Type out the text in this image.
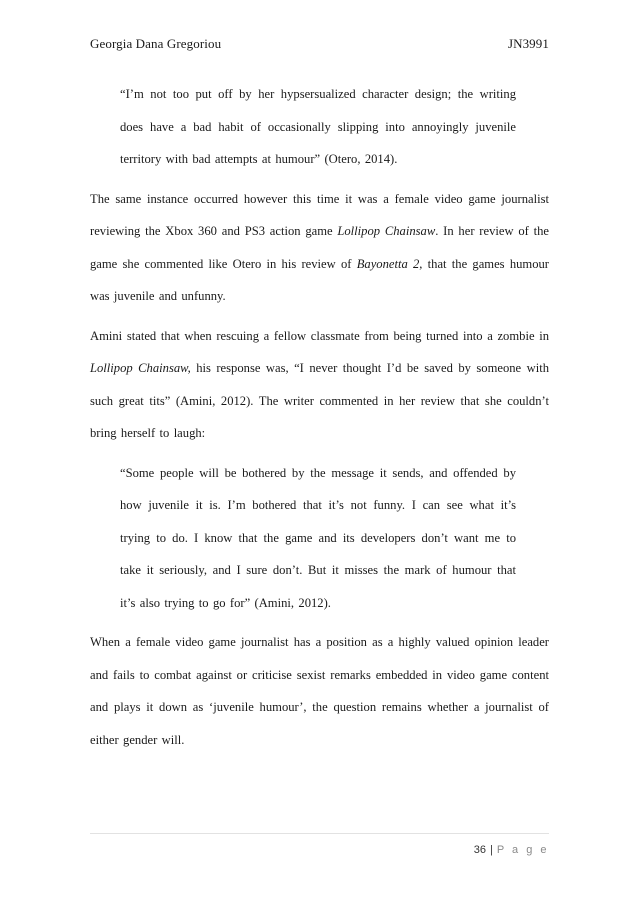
Georgia Dana Gregoriou	JN3991

“I’m not too put off by her hypsersualized character design; the writing does have a bad habit of occasionally slipping into annoyingly juvenile territory with bad attempts at humour” (Otero, 2014).

The same instance occurred however this time it was a female video game journalist reviewing the Xbox 360 and PS3 action game Lollipop Chainsaw. In her review of the game she commented like Otero in his review of Bayonetta 2, that the games humour was juvenile and unfunny.

Amini stated that when rescuing a fellow classmate from being turned into a zombie in Lollipop Chainsaw, his response was, “I never thought I’d be saved by someone with such great tits” (Amini, 2012). The writer commented in her review that she couldn’t bring herself to laugh:

“Some people will be bothered by the message it sends, and offended by how juvenile it is. I’m bothered that it’s not funny. I can see what it’s trying to do. I know that the game and its developers don’t want me to take it seriously, and I sure don’t. But it misses the mark of humour that it’s also trying to go for” (Amini, 2012).

When a female video game journalist has a position as a highly valued opinion leader and fails to combat against or criticise sexist remarks embedded in video game content and plays it down as ‘juvenile humour’, the question remains whether a journalist of either gender will.

36 | P a g e
